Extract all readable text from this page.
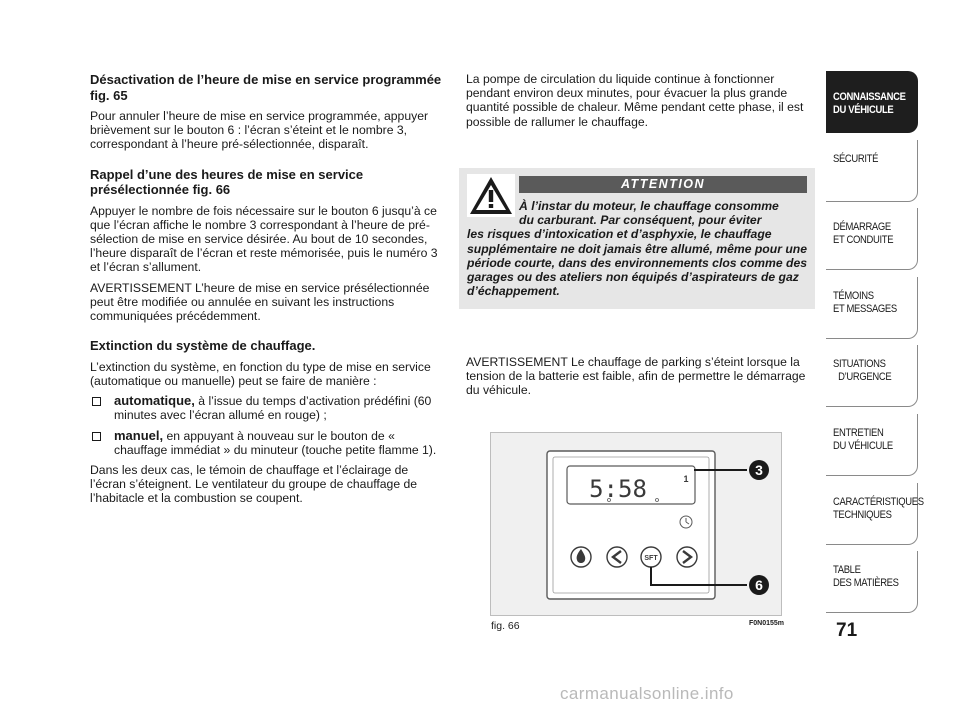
Désactivation de l’heure de mise en service programmée fig. 65
Pour annuler l’heure de mise en service programmée, appuyer brièvement sur le bouton 6 : l’écran s’éteint et le nombre 3, correspondant à l’heure pré-sélectionnée, disparaît.
Rappel d’une des heures de mise en service présélectionnée fig. 66
Appuyer le nombre de fois nécessaire sur le bouton 6 jusqu’à ce que l’écran affiche le nombre 3 correspondant à l’heure de pré-sélection de mise en service désirée. Au bout de 10 secondes, l’heure disparaît de l’écran et reste mémorisée, puis le numéro 3 et l’écran s’allument.
AVERTISSEMENT L’heure de mise en service présélectionnée peut être modifiée ou annulée en suivant les instructions communiquées précédemment.
Extinction du système de chauffage.
L’extinction du système, en fonction du type de mise en service (automatique ou manuelle) peut se faire de manière :
automatique, à l’issue du temps d’activation prédéfini (60 minutes avec l’écran allumé en rouge) ;
manuel, en appuyant à nouveau sur le bouton de « chauffage immédiat » du minuteur (touche petite flamme 1).
Dans les deux cas, le témoin de chauffage et l’éclairage de l’écran s’éteignent. Le ventilateur du groupe de chauffage de l’habitacle et la combustion se coupent.
La pompe de circulation du liquide continue à fonctionner pendant environ deux minutes, pour évacuer la plus grande quantité possible de chaleur. Même pendant cette phase, il est possible de rallumer le chauffage.
ATTENTION
À l’instar du moteur, le chauffage consomme
du carburant. Par conséquent, pour éviter
les risques d’intoxication et d’asphyxie, le chauffage supplémentaire ne doit jamais être allumé, même pour une période courte, dans des environnements clos comme des garages ou des ateliers non équipés d’aspirateurs de gaz d’échappement.
AVERTISSEMENT Le chauffage de parking s’éteint lorsque la tension de la batterie est faible, afin de permettre le démarrage du véhicule.
5:58	1
SFT
3
6
fig. 66	F0N0155m
CONNAISSANCE
DU VÉHICULE
SÉCURITÉ
DÉMARRAGE
ET CONDUITE
TÉMOINS
ET MESSAGES
SITUATIONS
D’URGENCE
ENTRETIEN
DU VÉHICULE
CARACTÉRISTIQUES
TECHNIQUES
TABLE
DES MATIÈRES
71
carmanualsonline.info
